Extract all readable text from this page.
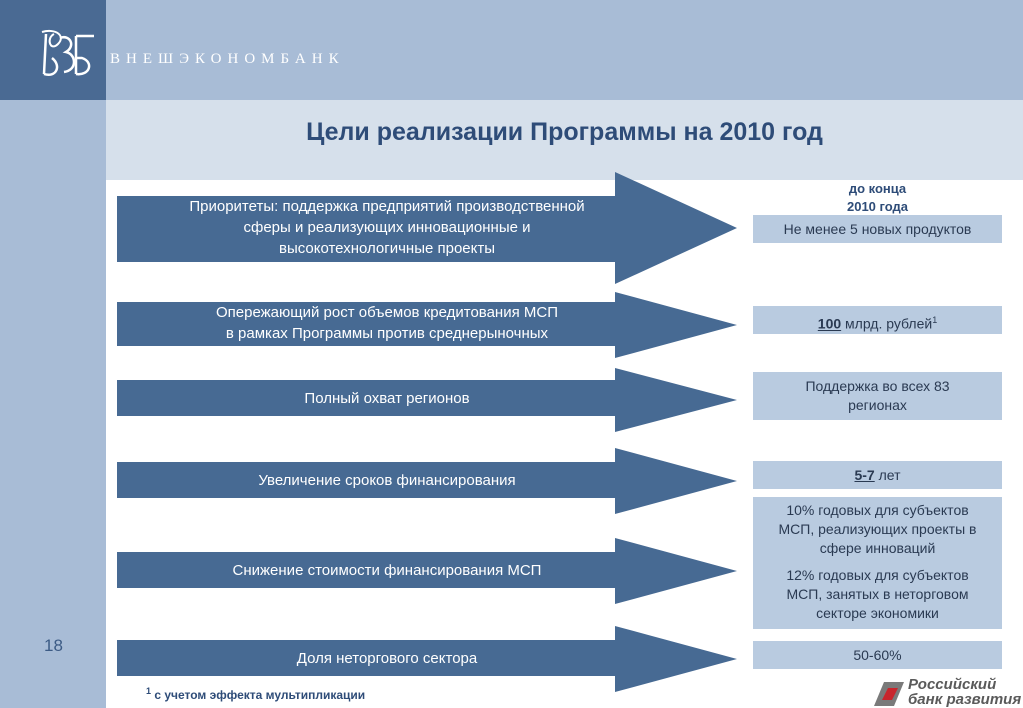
ВНЕШЭКОНОМБАНК
18
Цели реализации Программы на 2010 год
до конца
2010 года
Приоритеты: поддержка предприятий производственной
сферы и реализующих инновационные и
высокотехнологичные проекты
Опережающий рост объемов кредитования МСП
в рамках Программы против среднерыночных
Полный охват регионов
Увеличение сроков финансирования
Снижение стоимости финансирования МСП
Доля неторгового сектора
Не менее 5 новых продуктов
100 млрд. рублей$^1$
Поддержка во всех 83
регионах
5-7 лет
10% годовых для субъектов
МСП, реализующих проекты в
сфере инноваций
12% годовых для субъектов
МСП, занятых в неторговом
секторе экономики
50-60%
$^1$ с учетом эффекта мультипликации
Российский
банк развития
